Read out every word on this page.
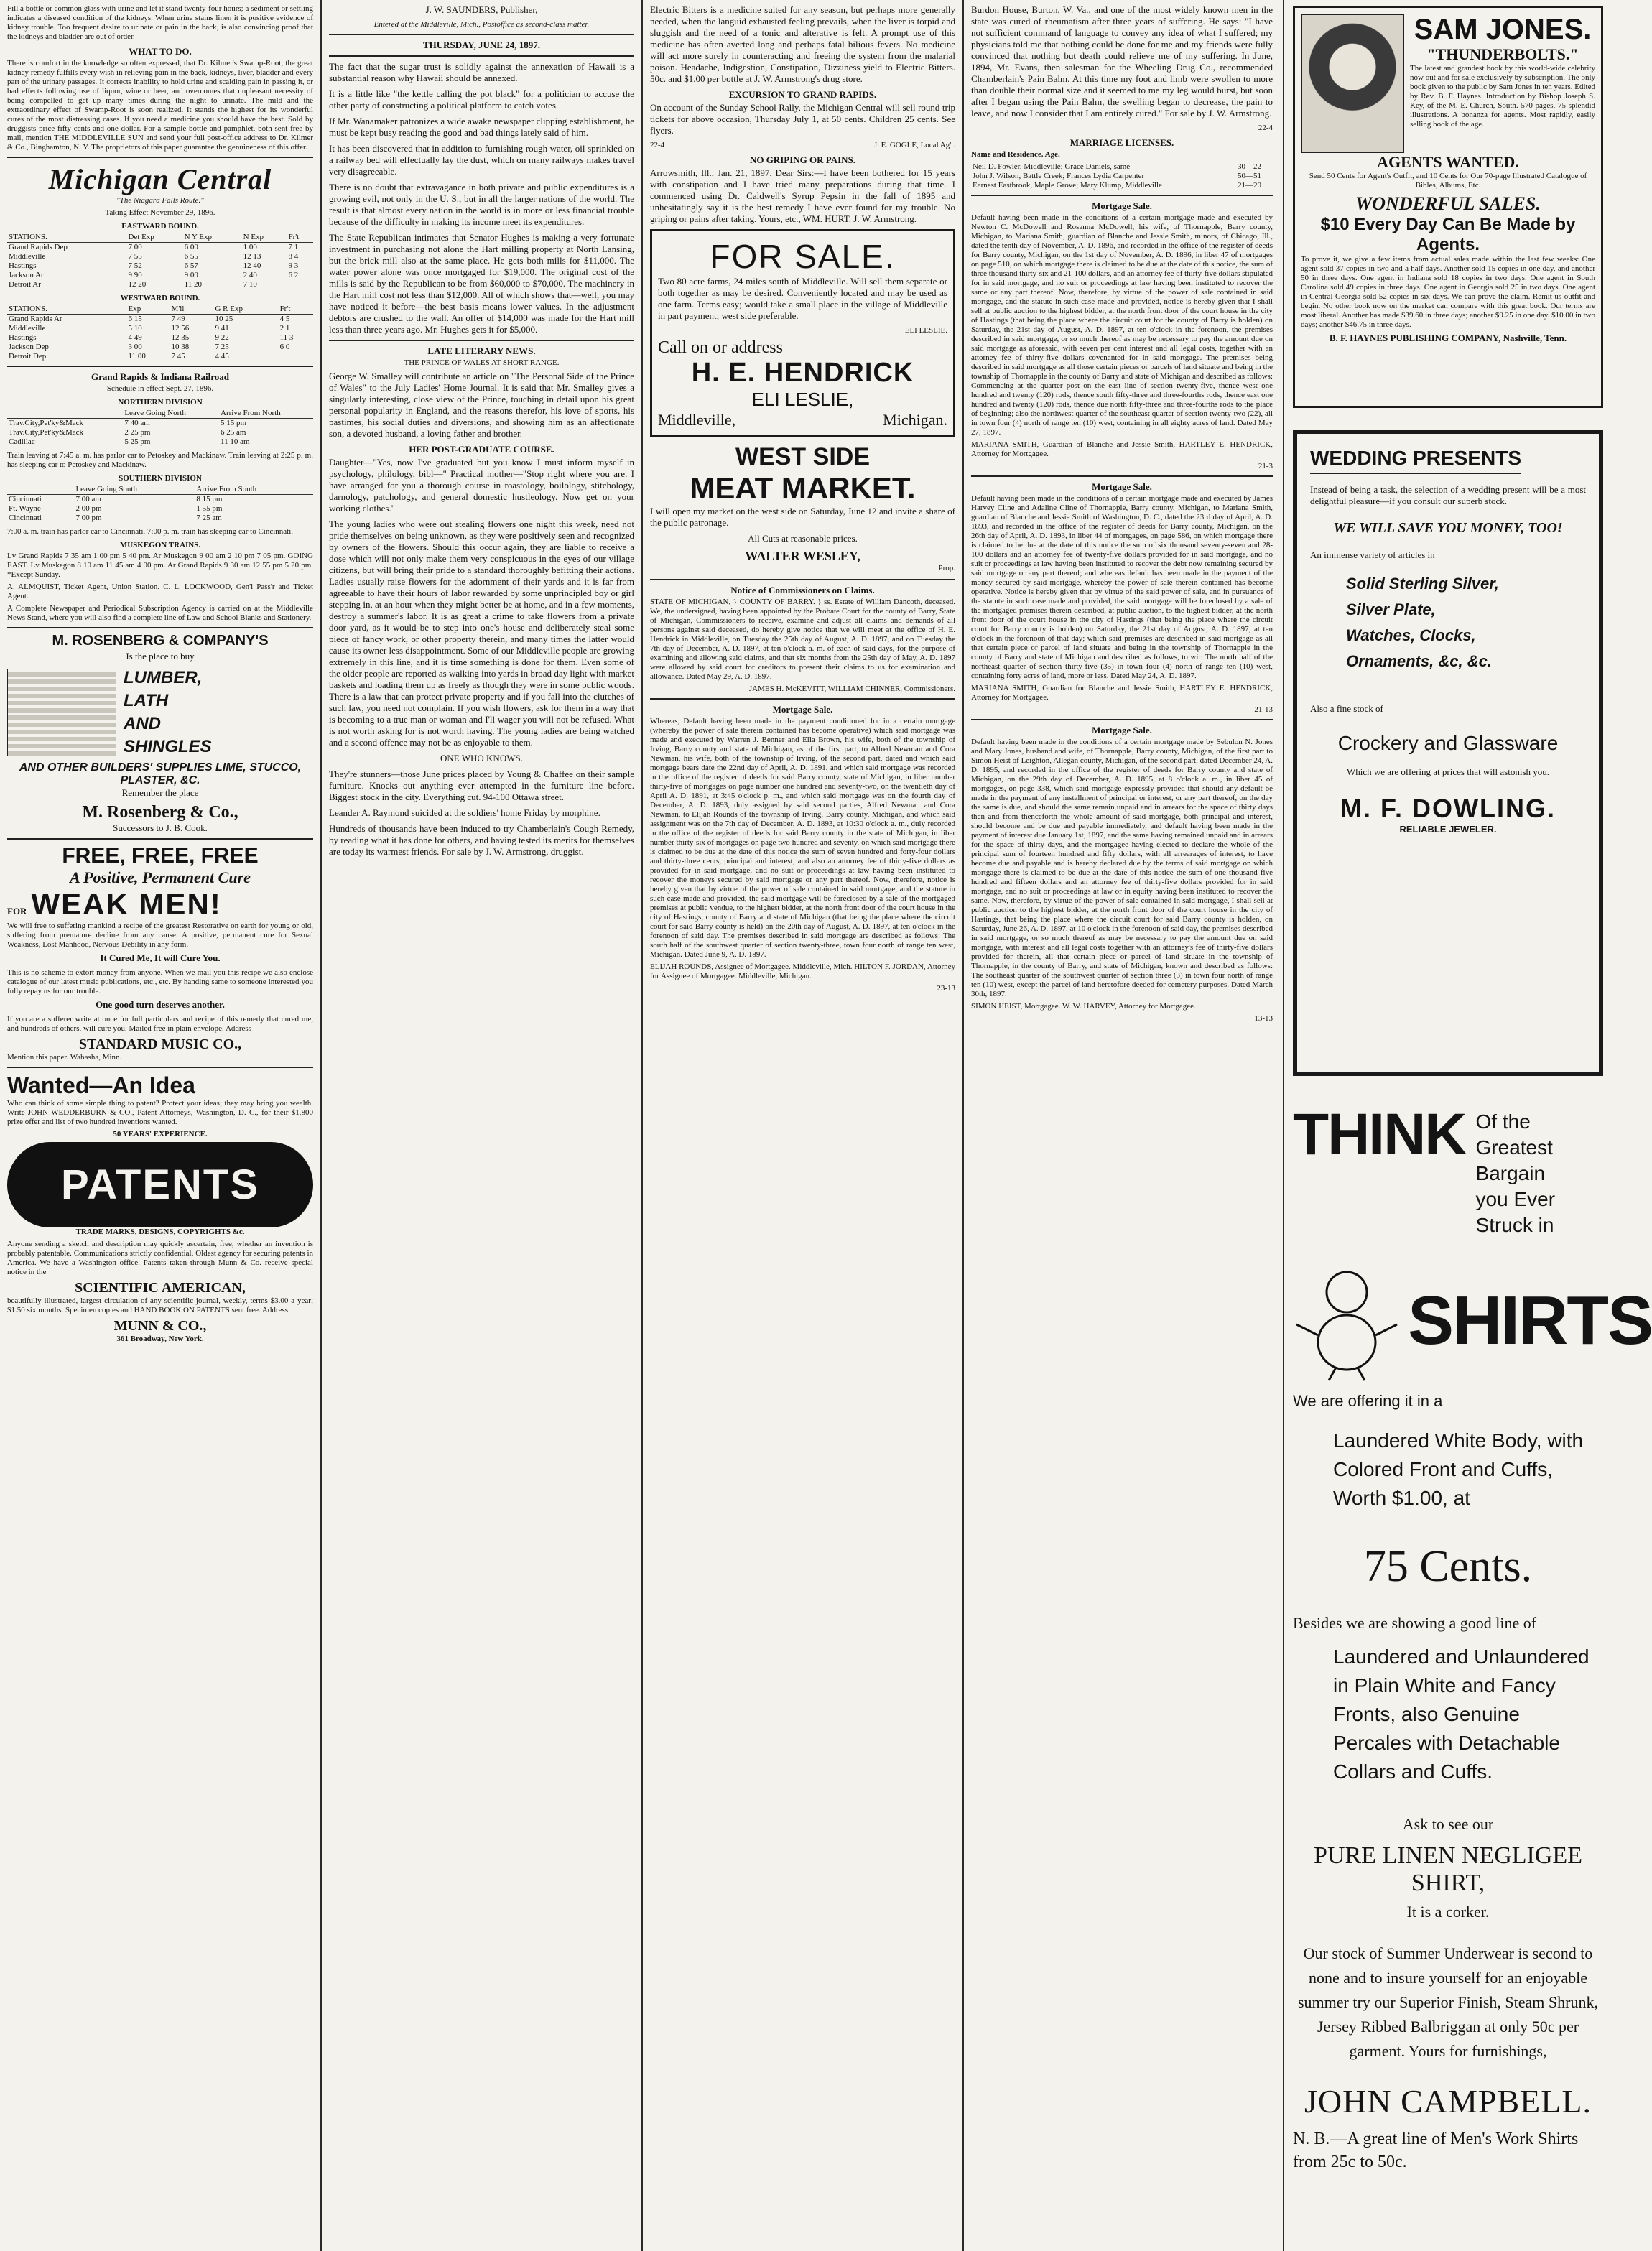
Fill a bottle or common glass with urine and let it stand twenty-four hours; a sediment or settling indicates a diseased condition of the kidneys. When urine stains linen it is positive evidence of kidney trouble. Too frequent desire to urinate or pain in the back, is also convincing proof that the kidneys and bladder are out of order.

WHAT TO DO.

There is comfort in the knowledge so often expressed, that Dr. Kilmer's Swamp-Root, the great kidney remedy fulfills every wish in relieving pain in the back, kidneys, liver, bladder and every part of the urinary passages. It corrects inability to hold urine and scalding pain in passing it, or bad effects following use of liquor, wine or beer, and overcomes that unpleasant necessity of being compelled to get up many times during the night to urinate. The mild and the extraordinary effect of Swamp-Root is soon realized. It stands the highest for its wonderful cures of the most distressing cases. If you need a medicine you should have the best. Sold by druggists price fifty cents and one dollar. For a sample bottle and pamphlet, both sent free by mail, mention THE MIDDLEVILLE SUN and send your full post-office address to Dr. Kilmer & Co., Binghamton, N. Y. The proprietors of this paper guarantee the genuineness of this offer.

Michigan Central
"The Niagara Falls Route."
Taking Effect November 29, 1896.
EASTWARD BOUND.
STATIONS.	Det Exp	N Y Exp	N Exp	Fr't
Grand Rapids Dep	7 00	6 00	1 00	7 1
Middleville	7 55	6 55	12 13	8 4
Hastings	7 52	6 57	12 40	9 3
Jackson Ar	9 90	9 00	2 40	6 2
Detroit Ar	12 20	11 20	7 10	
WESTWARD BOUND.
STATIONS.	Exp	M'il	G R Exp	Fr't
Grand Rapids Ar	6 15	7 49	10 25	4 5
Middleville	5 10	12 56	9 41	2 1
Hastings	4 49	12 35	9 22	11 3
Jackson Dep	3 00	10 38	7 25	6 0
Detroit Dep	11 00	7 45	4 45	
Grand Rapids & Indiana Railroad
Schedule in effect Sept. 27, 1896.
NORTHERN DIVISION
	Leave Going North	Arrive From North
Trav.City,Pet'ky&Mack	7 40 am	5 15 pm
Trav.City,Pet'ky&Mack	2 25 pm	6 25 am
Cadillac	5 25 pm	11 10 am

Train leaving at 7:45 a. m. has parlor car to Petoskey and Mackinaw. Train leaving at 2:25 p. m. has sleeping car to Petoskey and Mackinaw.

SOUTHERN DIVISION
	Leave Going South	Arrive From South
Cincinnati	7 00 am	8 15 pm
Ft. Wayne	2 00 pm	1 55 pm
Cincinnati	7 00 pm	7 25 am

7:00 a. m. train has parlor car to Cincinnati. 7:00 p. m. train has sleeping car to Cincinnati.

MUSKEGON TRAINS.

Lv Grand Rapids 7 35 am 1 00 pm 5 40 pm. Ar Muskegon 9 00 am 2 10 pm 7 05 pm. GOING EAST. Lv Muskegon 8 10 am 11 45 am 4 00 pm. Ar Grand Rapids 9 30 am 12 55 pm 5 20 pm. *Except Sunday.

A. ALMQUIST, Ticket Agent, Union Station. C. L. LOCKWOOD, Gen'l Pass'r and Ticket Agent.

A Complete Newspaper and Periodical Subscription Agency is carried on at the Middleville News Stand, where you will also find a complete line of Law and School Blanks and Stationery.

M. ROSENBERG & COMPANY'S
Is the place to buy
LUMBER,
LATH
AND
SHINGLES
AND OTHER BUILDERS' SUPPLIES LIME, STUCCO, PLASTER, &C.
Remember the place
M. Rosenberg & Co.,
Successors to J. B. Cook.
FREE, FREE, FREE
A Positive, Permanent Cure
FOR WEAK MEN!

We will free to suffering mankind a recipe of the greatest Restorative on earth for young or old, suffering from premature decline from any cause. A positive, permanent cure for Sexual Weakness, Lost Manhood, Nervous Debility in any form.

It Cured Me, It will Cure You.

This is no scheme to extort money from anyone. When we mail you this recipe we also enclose catalogue of our latest music publications, etc., etc. By handing same to someone interested you fully repay us for our trouble.

One good turn deserves another.

If you are a sufferer write at once for full particulars and recipe of this remedy that cured me, and hundreds of others, will cure you. Mailed free in plain envelope. Address

STANDARD MUSIC CO.,
Mention this paper. Wabasha, Minn.
Wanted—An Idea

Who can think of some simple thing to patent? Protect your ideas; they may bring you wealth. Write JOHN WEDDERBURN & CO., Patent Attorneys, Washington, D. C., for their $1,800 prize offer and list of two hundred inventions wanted.

50 YEARS' EXPERIENCE.
PATENTS
TRADE MARKS, DESIGNS, COPYRIGHTS &c.

Anyone sending a sketch and description may quickly ascertain, free, whether an invention is probably patentable. Communications strictly confidential. Oldest agency for securing patents in America. We have a Washington office. Patents taken through Munn & Co. receive special notice in the

SCIENTIFIC AMERICAN,

beautifully illustrated, largest circulation of any scientific journal, weekly, terms $3.00 a year; $1.50 six months. Specimen copies and HAND BOOK ON PATENTS sent free. Address

MUNN & CO.,
361 Broadway, New York.
J. W. SAUNDERS, Publisher,
Entered at the Middleville, Mich., Postoffice as second-class matter.
THURSDAY, JUNE 24, 1897.

The fact that the sugar trust is solidly against the annexation of Hawaii is a substantial reason why Hawaii should be annexed.

It is a little like "the kettle calling the pot black" for a politician to accuse the other party of constructing a political platform to catch votes.

If Mr. Wanamaker patronizes a wide awake newspaper clipping establishment, he must be kept busy reading the good and bad things lately said of him.

It has been discovered that in addition to furnishing rough water, oil sprinkled on a railway bed will effectually lay the dust, which on many railways makes travel very disagreeable.

There is no doubt that extravagance in both private and public expenditures is a growing evil, not only in the U. S., but in all the larger nations of the world. The result is that almost every nation in the world is in more or less financial trouble because of the difficulty in making its income meet its expenditures.

The State Republican intimates that Senator Hughes is making a very fortunate investment in purchasing not alone the Hart milling property at North Lansing, but the brick mill also at the same place. He gets both mills for $11,000. The water power alone was once mortgaged for $19,000. The original cost of the mills is said by the Republican to be from $60,000 to $70,000. The machinery in the Hart mill cost not less than $12,000. All of which shows that—well, you may have noticed it before—the best basis means lower values. In the adjustment debtors are crushed to the wall. An offer of $14,000 was made for the Hart mill less than three years ago. Mr. Hughes gets it for $5,000.

LATE LITERARY NEWS.
THE PRINCE OF WALES AT SHORT RANGE.

George W. Smalley will contribute an article on "The Personal Side of the Prince of Wales" to the July Ladies' Home Journal. It is said that Mr. Smalley gives a singularly interesting, close view of the Prince, touching in detail upon his great personal popularity in England, and the reasons therefor, his love of sports, his pastimes, his social duties and diversions, and showing him as an affectionate son, a devoted husband, a loving father and brother.

HER POST-GRADUATE COURSE.

Daughter—"Yes, now I've graduated but you know I must inform myself in psychology, philology, bibl—" Practical mother—"Stop right where you are. I have arranged for you a thorough course in roastology, boilology, stitchology, darnology, patchology, and general domestic hustleology. Now get on your working clothes."

The young ladies who were out stealing flowers one night this week, need not pride themselves on being unknown, as they were positively seen and recognized by owners of the flowers. Should this occur again, they are liable to receive a dose which will not only make them very conspicuous in the eyes of our village citizens, but will bring their pride to a standard thoroughly befitting their actions. Ladies usually raise flowers for the adornment of their yards and it is far from agreeable to have their hours of labor rewarded by some unprincipled boy or girl stepping in, at an hour when they might better be at home, and in a few moments, destroy a summer's labor. It is as great a crime to take flowers from a private door yard, as it would be to step into one's house and deliberately steal some piece of fancy work, or other property therein, and many times the latter would cause its owner less disappointment. Some of our Middleville people are growing extremely in this line, and it is time something is done for them. Even some of the older people are reported as walking into yards in broad day light with market baskets and loading them up as freely as though they were in some public woods. There is a law that can protect private property and if you fall into the clutches of such law, you need not complain. If you wish flowers, ask for them in a way that is becoming to a true man or woman and I'll wager you will not be refused. What is not worth asking for is not worth having. The young ladies are being watched and a second offence may not be as enjoyable to them.

ONE WHO KNOWS.

They're stunners—those June prices placed by Young & Chaffee on their sample furniture. Knocks out anything ever attempted in the furniture line before. Biggest stock in the city. Everything cut. 94-100 Ottawa street.

Leander A. Raymond suicided at the soldiers' home Friday by morphine.

Hundreds of thousands have been induced to try Chamberlain's Cough Remedy, by reading what it has done for others, and having tested its merits for themselves are today its warmest friends. For sale by J. W. Armstrong, druggist.

Electric Bitters is a medicine suited for any season, but perhaps more generally needed, when the languid exhausted feeling prevails, when the liver is torpid and sluggish and the need of a tonic and alterative is felt. A prompt use of this medicine has often averted long and perhaps fatal bilious fevers. No medicine will act more surely in counteracting and freeing the system from the malarial poison. Headache, Indigestion, Constipation, Dizziness yield to Electric Bitters. 50c. and $1.00 per bottle at J. W. Armstrong's drug store.

EXCURSION TO GRAND RAPIDS.

On account of the Sunday School Rally, the Michigan Central will sell round trip tickets for above occasion, Thursday July 1, at 50 cents. Children 25 cents. See flyers.

22-4	J. E. GOGLE, Local Ag't.
NO GRIPING OR PAINS.

Arrowsmith, Ill., Jan. 21, 1897. Dear Sirs:—I have been bothered for 15 years with constipation and I have tried many preparations during that time. I commenced using Dr. Caldwell's Syrup Pepsin in the fall of 1895 and unhesitatingly say it is the best remedy I have ever found for my trouble. No griping or pains after taking. Yours, etc., WM. HURT. J. W. Armstrong.

FOR SALE.

Two 80 acre farms, 24 miles south of Middleville. Will sell them separate or both together as may be desired. Conveniently located and may be used as one farm. Terms easy; would take a small place in the village of Middleville in part payment; west side preferable.

ELI LESLIE.
Call on or address
H. E. HENDRICK
ELI LESLIE,
Middleville,	Michigan.
WEST SIDE
MEAT MARKET.

I will open my market on the west side on Saturday, June 12 and invite a share of the public patronage.

All Cuts at reasonable prices.
WALTER WESLEY,
Prop.
Notice of Commissioners on Claims.

STATE OF MICHIGAN, } COUNTY OF BARRY. } ss. Estate of William Dancoth, deceased. We, the undersigned, having been appointed by the Probate Court for the county of Barry, State of Michigan, Commissioners to receive, examine and adjust all claims and demands of all persons against said deceased, do hereby give notice that we will meet at the office of H. E. Hendrick in Middleville, on Tuesday the 25th day of August, A. D. 1897, and on Tuesday the 7th day of December, A. D. 1897, at ten o'clock a. m. of each of said days, for the purpose of examining and allowing said claims, and that six months from the 25th day of May, A. D. 1897 were allowed by said court for creditors to present their claims to us for examination and allowance. Dated May 29, A. D. 1897.

JAMES H. McKEVITT, WILLIAM CHINNER, Commissioners.
Mortgage Sale.

Whereas, Default having been made in the payment conditioned for in a certain mortgage (whereby the power of sale therein contained has become operative) which said mortgage was made and executed by Warren J. Benner and Ella Brown, his wife, both of the township of Irving, Barry county and state of Michigan, as of the first part, to Alfred Newman and Cora Newman, his wife, both of the township of Irving, of the second part, dated and which said mortgage bears date the 22nd day of April, A. D. 1891, and which said mortgage was recorded in the office of the register of deeds for said Barry county, state of Michigan, in liber number thirty-five of mortgages on page number one hundred and seventy-two, on the twentieth day of April A. D. 1891, at 3:45 o'clock p. m., and which said mortgage was on the fourth day of December, A. D. 1893, duly assigned by said second parties, Alfred Newman and Cora Newman, to Elijah Rounds of the township of Irving, Barry county, Michigan, and which said assignment was on the 7th day of December, A. D. 1893, at 10:30 o'clock a. m., duly recorded in the office of the register of deeds for said Barry county in the state of Michigan, in liber number thirty-six of mortgages on page two hundred and seventy, on which said mortgage there is claimed to be due at the date of this notice the sum of seven hundred and forty-four dollars and thirty-three cents, principal and interest, and also an attorney fee of thirty-five dollars as provided for in said mortgage, and no suit or proceedings at law having been instituted to recover the moneys secured by said mortgage or any part thereof. Now, therefore, notice is hereby given that by virtue of the power of sale contained in said mortgage, and the statute in such case made and provided, the said mortgage will be foreclosed by a sale of the mortgaged premises at public vendue, to the highest bidder, at the north front door of the court house in the city of Hastings, county of Barry and state of Michigan (that being the place where the circuit court for said Barry county is held) on the 20th day of August, A. D. 1897, at ten o'clock in the forenoon of said day. The premises described in said mortgage are described as follows: The south half of the southwest quarter of section twenty-three, town four north of range ten west, Michigan. Dated June 9, A. D. 1897.

ELIJAH ROUNDS, Assignee of Mortgagee. Middleville, Mich. HILTON F. JORDAN, Attorney for Assignee of Mortgagee. Middleville, Michigan.
23-13

Burdon House, Burton, W. Va., and one of the most widely known men in the state was cured of rheumatism after three years of suffering. He says: "I have not sufficient command of language to convey any idea of what I suffered; my physicians told me that nothing could be done for me and my friends were fully convinced that nothing but death could relieve me of my suffering. In June, 1894, Mr. Evans, then salesman for the Wheeling Drug Co., recommended Chamberlain's Pain Balm. At this time my foot and limb were swollen to more than double their normal size and it seemed to me my leg would burst, but soon after I began using the Pain Balm, the swelling began to decrease, the pain to leave, and now I consider that I am entirely cured." For sale by J. W. Armstrong.

22-4
MARRIAGE LICENSES.
Name and Residence. Age.
Neil D. Fowler, Middleville; Grace Daniels, same	30—22
John J. Wilson, Battle Creek; Frances Lydia Carpenter	50—51
Earnest Eastbrook, Maple Grove; Mary Klump, Middleville	21—20
Mortgage Sale.

Default having been made in the conditions of a certain mortgage made and executed by Newton C. McDowell and Rosanna McDowell, his wife, of Thornapple, Barry county, Michigan, to Mariana Smith, guardian of Blanche and Jessie Smith, minors, of Chicago, Ill., dated the tenth day of November, A. D. 1896, and recorded in the office of the register of deeds for Barry county, Michigan, on the 1st day of November, A. D. 1896, in liber 47 of mortgages on page 510, on which mortgage there is claimed to be due at the date of this notice, the sum of three thousand thirty-six and 21-100 dollars, and an attorney fee of thirty-five dollars stipulated for in said mortgage, and no suit or proceedings at law having been instituted to recover the same or any part thereof. Now, therefore, by virtue of the power of sale contained in said mortgage, and the statute in such case made and provided, notice is hereby given that I shall sell at public auction to the highest bidder, at the north front door of the court house in the city of Hastings (that being the place where the circuit court for the county of Barry is holden) on Saturday, the 21st day of August, A. D. 1897, at ten o'clock in the forenoon, the premises described in said mortgage, or so much thereof as may be necessary to pay the amount due on said mortgage as aforesaid, with seven per cent interest and all legal costs, together with an attorney fee of thirty-five dollars covenanted for in said mortgage. The premises being described in said mortgage as all those certain pieces or parcels of land situate and being in the township of Thornapple in the county of Barry and state of Michigan and described as follows: Commencing at the quarter post on the east line of section twenty-five, thence west one hundred and twenty (120) rods, thence south fifty-three and three-fourths rods, thence east one hundred and twenty (120) rods, thence due north fifty-three and three-fourths rods to the place of beginning; also the northwest quarter of the southeast quarter of section twenty-two (22), all in town four (4) north of range ten (10) west, containing in all eighty acres of land. Dated May 27, 1897.

MARIANA SMITH, Guardian of Blanche and Jessie Smith, HARTLEY E. HENDRICK, Attorney for Mortgagee.
21-3
Mortgage Sale.

Default having been made in the conditions of a certain mortgage made and executed by James Harvey Cline and Adaline Cline of Thornapple, Barry county, Michigan, to Mariana Smith, guardian of Blanche and Jessie Smith of Washington, D. C., dated the 23rd day of April, A. D. 1893, and recorded in the office of the register of deeds for Barry county, Michigan, on the 26th day of April, A. D. 1893, in liber 44 of mortgages, on page 586, on which mortgage there is claimed to be due at the date of this notice the sum of six thousand seventy-seven and 28-100 dollars and an attorney fee of twenty-five dollars provided for in said mortgage, and no suit or proceedings at law having been instituted to recover the debt now remaining secured by said mortgage or any part thereof; and whereas default has been made in the payment of the money secured by said mortgage, whereby the power of sale therein contained has become operative. Notice is hereby given that by virtue of the said power of sale, and in pursuance of the statute in such case made and provided, the said mortgage will be foreclosed by a sale of the mortgaged premises therein described, at public auction, to the highest bidder, at the north front door of the court house in the city of Hastings (that being the place where the circuit court for Barry county is holden) on Saturday, the 21st day of August, A. D. 1897, at ten o'clock in the forenoon of that day; which said premises are described in said mortgage as all that certain piece or parcel of land situate and being in the township of Thornapple in the county of Barry and state of Michigan and described as follows, to wit: The north half of the northeast quarter of section thirty-five (35) in town four (4) north of range ten (10) west, containing forty acres of land, more or less. Dated May 24, A. D. 1897.

MARIANA SMITH, Guardian for Blanche and Jessie Smith, HARTLEY E. HENDRICK, Attorney for Mortgagee.
21-13
Mortgage Sale.

Default having been made in the conditions of a certain mortgage made by Sebulon N. Jones and Mary Jones, husband and wife, of Thornapple, Barry county, Michigan, of the first part to Simon Heist of Leighton, Allegan county, Michigan, of the second part, dated December 24, A. D. 1895, and recorded in the office of the register of deeds for Barry county and state of Michigan, on the 29th day of December, A. D. 1895, at 8 o'clock a. m., in liber 45 of mortgages, on page 338, which said mortgage expressly provided that should any default be made in the payment of any installment of principal or interest, or any part thereof, on the day the same is due, and should the same remain unpaid and in arrears for the space of thirty days then and from thenceforth the whole amount of said mortgage, both principal and interest, should become and be due and payable immediately, and default having been made in the payment of interest due January 1st, 1897, and the same having remained unpaid and in arrears for the space of thirty days, and the mortgagee having elected to declare the whole of the principal sum of fourteen hundred and fifty dollars, with all arrearages of interest, to have become due and payable and is hereby declared due by the terms of said mortgage on which mortgage there is claimed to be due at the date of this notice the sum of one thousand five hundred and fifteen dollars and an attorney fee of thirty-five dollars provided for in said mortgage, and no suit or proceedings at law or in equity having been instituted to recover the same. Now, therefore, by virtue of the power of sale contained in said mortgage, I shall sell at public auction to the highest bidder, at the north front door of the court house in the city of Hastings, that being the place where the circuit court for said Barry county is holden, on Saturday, June 26, A. D. 1897, at 10 o'clock in the forenoon of said day, the premises described in said mortgage, or so much thereof as may be necessary to pay the amount due on said mortgage, with interest and all legal costs together with an attorney's fee of thirty-five dollars provided for therein, all that certain piece or parcel of land situate in the township of Thornapple, in the county of Barry, and state of Michigan, known and described as follows: The southeast quarter of the southwest quarter of section three (3) in town four north of range ten (10) west, except the parcel of land heretofore deeded for cemetery purposes. Dated March 30th, 1897.

SIMON HEIST, Mortgagee. W. W. HARVEY, Attorney for Mortgagee.
13-13
SAM JONES.
"THUNDERBOLTS."

The latest and grandest book by this world-wide celebrity now out and for sale exclusively by subscription. The only book given to the public by Sam Jones in ten years. Edited by Rev. B. F. Haynes. Introduction by Bishop Joseph S. Key, of the M. E. Church, South. 570 pages, 75 splendid illustrations. A bonanza for agents. Most rapidly, easily selling book of the age.

AGENTS WANTED.

Send 50 Cents for Agent's Outfit, and 10 Cents for Our 70-page Illustrated Catalogue of Bibles, Albums, Etc.

WONDERFUL SALES.
$10 Every Day Can Be Made by Agents.

To prove it, we give a few items from actual sales made within the last few weeks: One agent sold 37 copies in two and a half days. Another sold 15 copies in one day, and another 50 in three days. One agent in Indiana sold 18 copies in two days. One agent in South Carolina sold 49 copies in three days. One agent in Georgia sold 25 in two days. One agent in Central Georgia sold 52 copies in six days. We can prove the claim. Remit us outfit and begin. No other book now on the market can compare with this great book. Our terms are most liberal. Another has made $39.60 in three days; another $9.25 in one day. $10.00 in two days; another $46.75 in three days.

B. F. HAYNES PUBLISHING COMPANY, Nashville, Tenn.
WEDDING PRESENTS

Instead of being a task, the selection of a wedding present will be a most delightful pleasure—if you consult our superb stock.

WE WILL SAVE YOU MONEY, TOO!
An immense variety of articles in
Solid Sterling Silver,
Silver Plate,
Watches, Clocks,
Ornaments, &c, &c.
Also a fine stock of
Crockery and Glassware
Which we are offering at prices that will astonish you.
M. F. DOWLING.
RELIABLE JEWELER.
THINK Of the Greatest Bargain
you Ever Struck in
SHIRTS
We are offering it in a
Laundered White Body, with Colored Front and Cuffs, Worth $1.00, at
75 Cents.
Besides we are showing a good line of
Laundered and Unlaundered in Plain White and Fancy Fronts, also Genuine Percales with Detachable Collars and Cuffs.
Ask to see our
PURE LINEN NEGLIGEE SHIRT,
It is a corker.
Our stock of Summer Underwear is second to none and to insure yourself for an enjoyable summer try our Superior Finish, Steam Shrunk, Jersey Ribbed Balbriggan at only 50c per garment. Yours for furnishings,
JOHN CAMPBELL.
N. B.—A great line of Men's Work Shirts from 25c to 50c.
